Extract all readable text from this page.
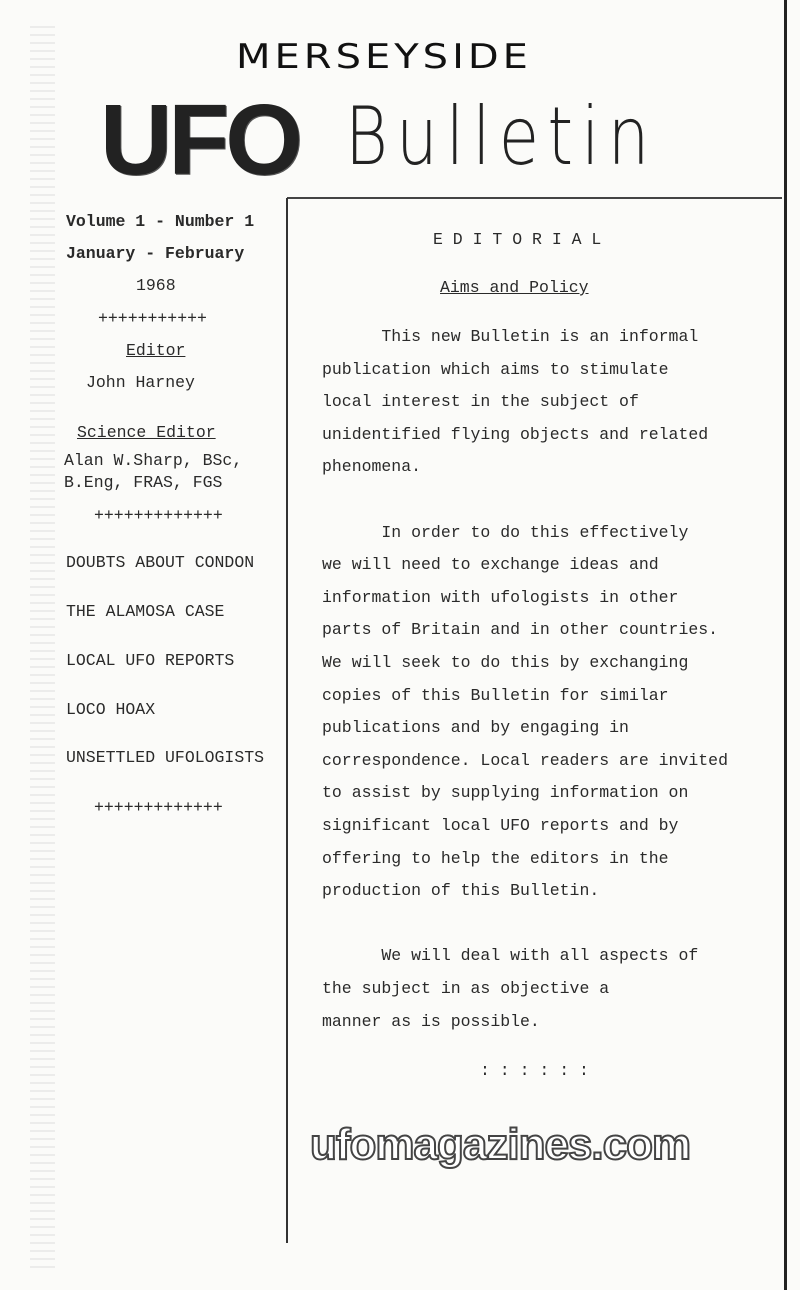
MERSEYSIDE
UFO Bulletin
Volume 1 - Number 1
January - February
1968
+++++++++++
Editor
John Harney
Science Editor
Alan W.Sharp, BSc,
B.Eng, FRAS, FGS
+++++++++++++
DOUBTS ABOUT CONDON
THE ALAMOSA CASE
LOCAL UFO REPORTS
LOCO HOAX
UNSETTLED UFOLOGISTS
+++++++++++++
E D I T O R I A L
Aims and Policy
This new Bulletin is an informal
publication which aims to stimulate
local interest in the subject of
unidentified flying objects and related
phenomena.
In order to do this effectively
we will need to exchange ideas and
information with ufologists in other
parts of Britain and in other countries.
We will seek to do this by exchanging
copies of this Bulletin for similar
publications and by engaging in
correspondence. Local readers are invited
to assist by supplying information on
significant local UFO reports and by
offering to help the editors in the
production of this Bulletin.
We will deal with all aspects of
the subject in as objective a
manner as is possible.
: : : : : :
ufomagazines.com
